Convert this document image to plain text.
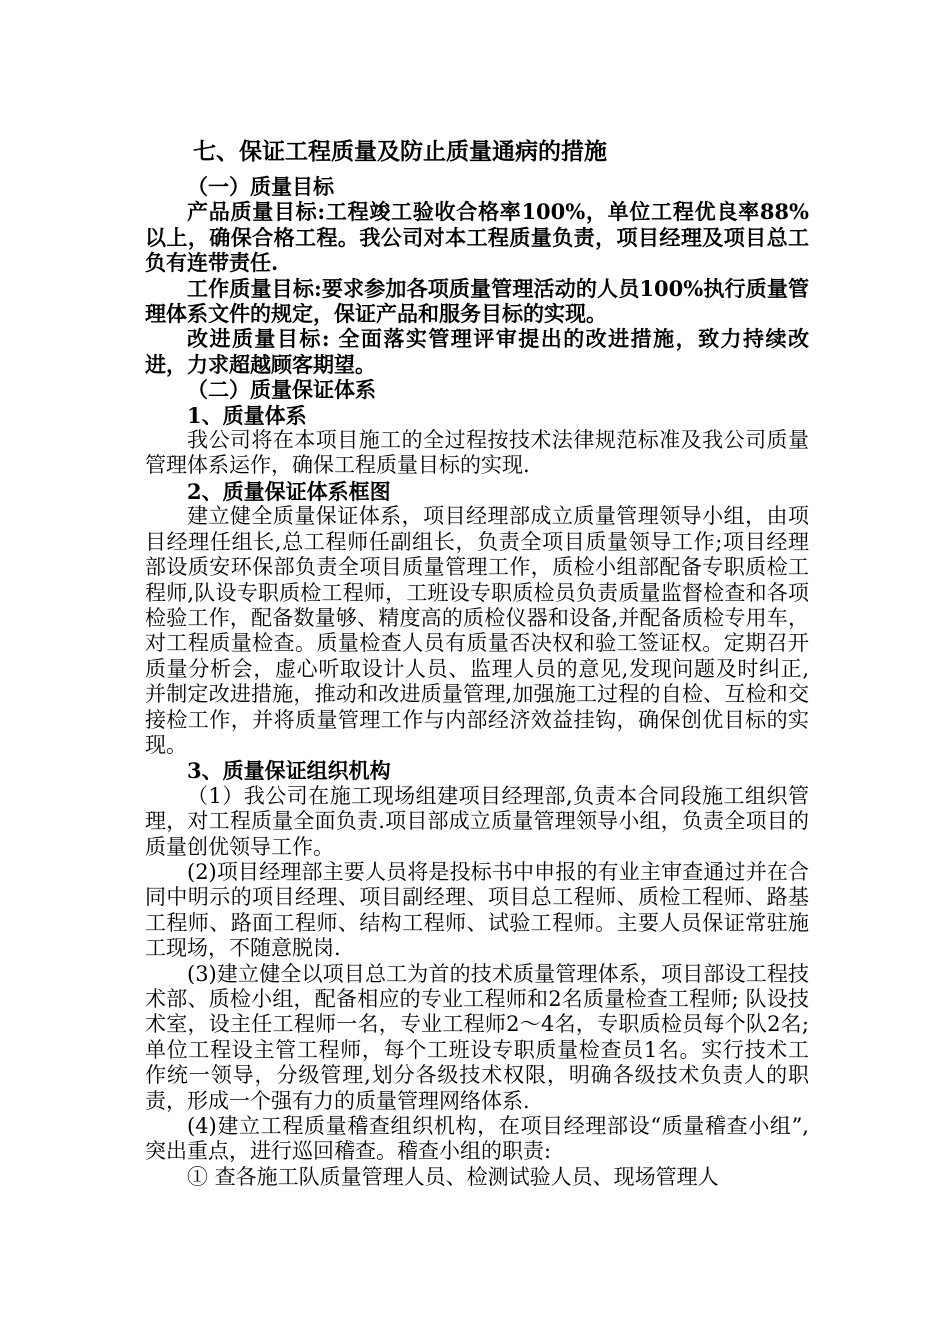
七、保证工程质量及防止质量通病的措施
（一）质量目标
产品质量目标:工程竣工验收合格率100%，单位工程优良率88%以上，确保合格工程。我公司对本工程质量负责，项目经理及项目总工负有连带责任.
工作质量目标:要求参加各项质量管理活动的人员100%执行质量管理体系文件的规定，保证产品和服务目标的实现。
改进质量目标: 全面落实管理评审提出的改进措施，致力持续改进，力求超越顾客期望。
（二）质量保证体系
1、质量体系
我公司将在本项目施工的全过程按技术法律规范标准及我公司质量管理体系运作，确保工程质量目标的实现.
2、质量保证体系框图
建立健全质量保证体系，项目经理部成立质量管理领导小组，由项目经理任组长,总工程师任副组长，负责全项目质量领导工作;项目经理部设质安环保部负责全项目质量管理工作，质检小组部配备专职质检工程师,队设专职质检工程师，工班设专职质检员负责质量监督检查和各项检验工作，配备数量够、精度高的质检仪器和设备,并配备质检专用车，对工程质量检查。质量检查人员有质量否决权和验工签证权。定期召开质量分析会，虚心听取设计人员、监理人员的意见,发现问题及时纠正,并制定改进措施，推动和改进质量管理,加强施工过程的自检、互检和交接检工作，并将质量管理工作与内部经济效益挂钩，确保创优目标的实现。
3、质量保证组织机构
（1）我公司在施工现场组建项目经理部,负责本合同段施工组织管理，对工程质量全面负责.项目部成立质量管理领导小组，负责全项目的质量创优领导工作。
(2)项目经理部主要人员将是投标书中申报的有业主审查通过并在合同中明示的项目经理、项目副经理、项目总工程师、质检工程师、路基工程师、路面工程师、结构工程师、试验工程师。主要人员保证常驻施工现场，不随意脱岗.
(3)建立健全以项目总工为首的技术质量管理体系，项目部设工程技术部、质检小组，配备相应的专业工程师和2名质量检查工程师; 队设技术室，设主任工程师一名，专业工程师2～4名，专职质检员每个队2名; 单位工程设主管工程师，每个工班设专职质量检查员1名。实行技术工作统一领导，分级管理,划分各级技术权限，明确各级技术负责人的职责，形成一个强有力的质量管理网络体系.
(4)建立工程质量稽查组织机构，在项目经理部设“质量稽查小组”,突出重点，进行巡回稽查。稽查小组的职责:
① 查各施工队质量管理人员、检测试验人员、现场管理人
